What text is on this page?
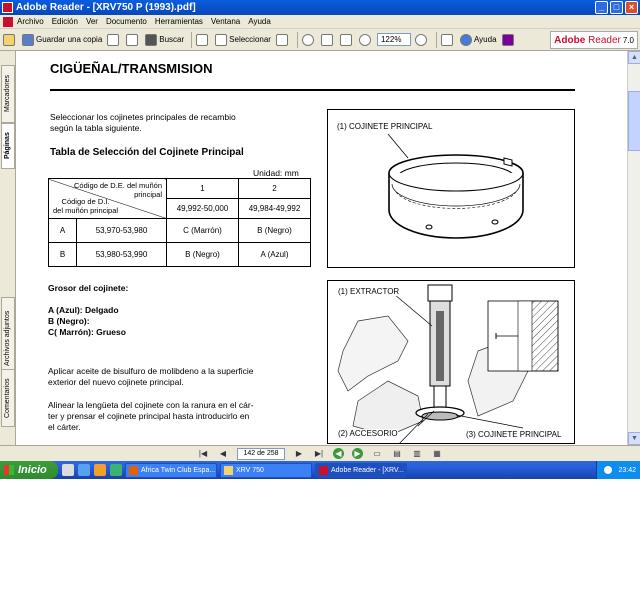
Adobe Reader - [XRV750 P (1993).pdf]	_	□	×
Archivo Edición Ver Documento Herramientas Ventana Ayuda
Guardar una copia	Buscar	Seleccionar	122%	Ayuda	Adobe
Reader 7.0
Marcadores
Páginas
Archivos adjuntos
Comentarios
CIGÜEÑAL/TRANSMISION
Seleccionar los cojinetes principales de recambio
según la tabla siguiente.
Tabla de Selección del Cojinete Principal
Unidad: mm
Código de D.E. del muñón
principal
Código de D.I.
del muñón principal	1	2
	49,992-50,000	49,984-49,992

A 53,970-53,980	C (Marrón)	B (Negro)

B 53,980-53,990	B (Negro)	A (Azul)
Grosor del cojinete:
A (Azul): Delgado
B (Negro):
C( Marrón): Grueso
Aplicar aceite de bisulfuro de molibdeno a la superficie
exterior del nuevo cojinete principal.
Alinear la lengüeta del cojinete con la ranura en el cár-
ter y prensar el cojinete principal hasta introducirlo en
el cárter.
(1) COJINETE PRINCIPAL
(1) EXTRACTOR
(2) ACCESORIO	(3) COJINETE PRINCIPAL
▲
▼
|◀	◀	142 de 258	▶	▶|	◀	▶	▭	▤	▥	▦
Inicio	Africa Twin Club Espa...	XRV 750	Adobe Reader - [XRV...	23:42
